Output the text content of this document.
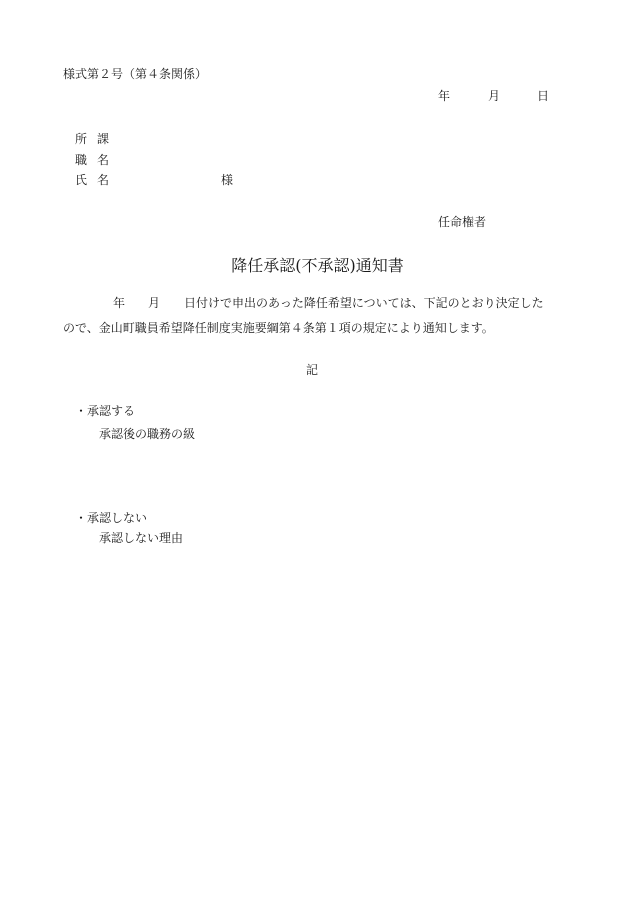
様式第２号（第４条関係）
年	月	日
所課
職名
氏名	様
任命権者
降任承認(不承認)通知書
年 月 日付けで申出のあった降任希望については、下記のとおり決定した
ので、金山町職員希望降任制度実施要綱第４条第１項の規定により通知します。
記
・承認する
承認後の職務の級
・承認しない
承認しない理由
